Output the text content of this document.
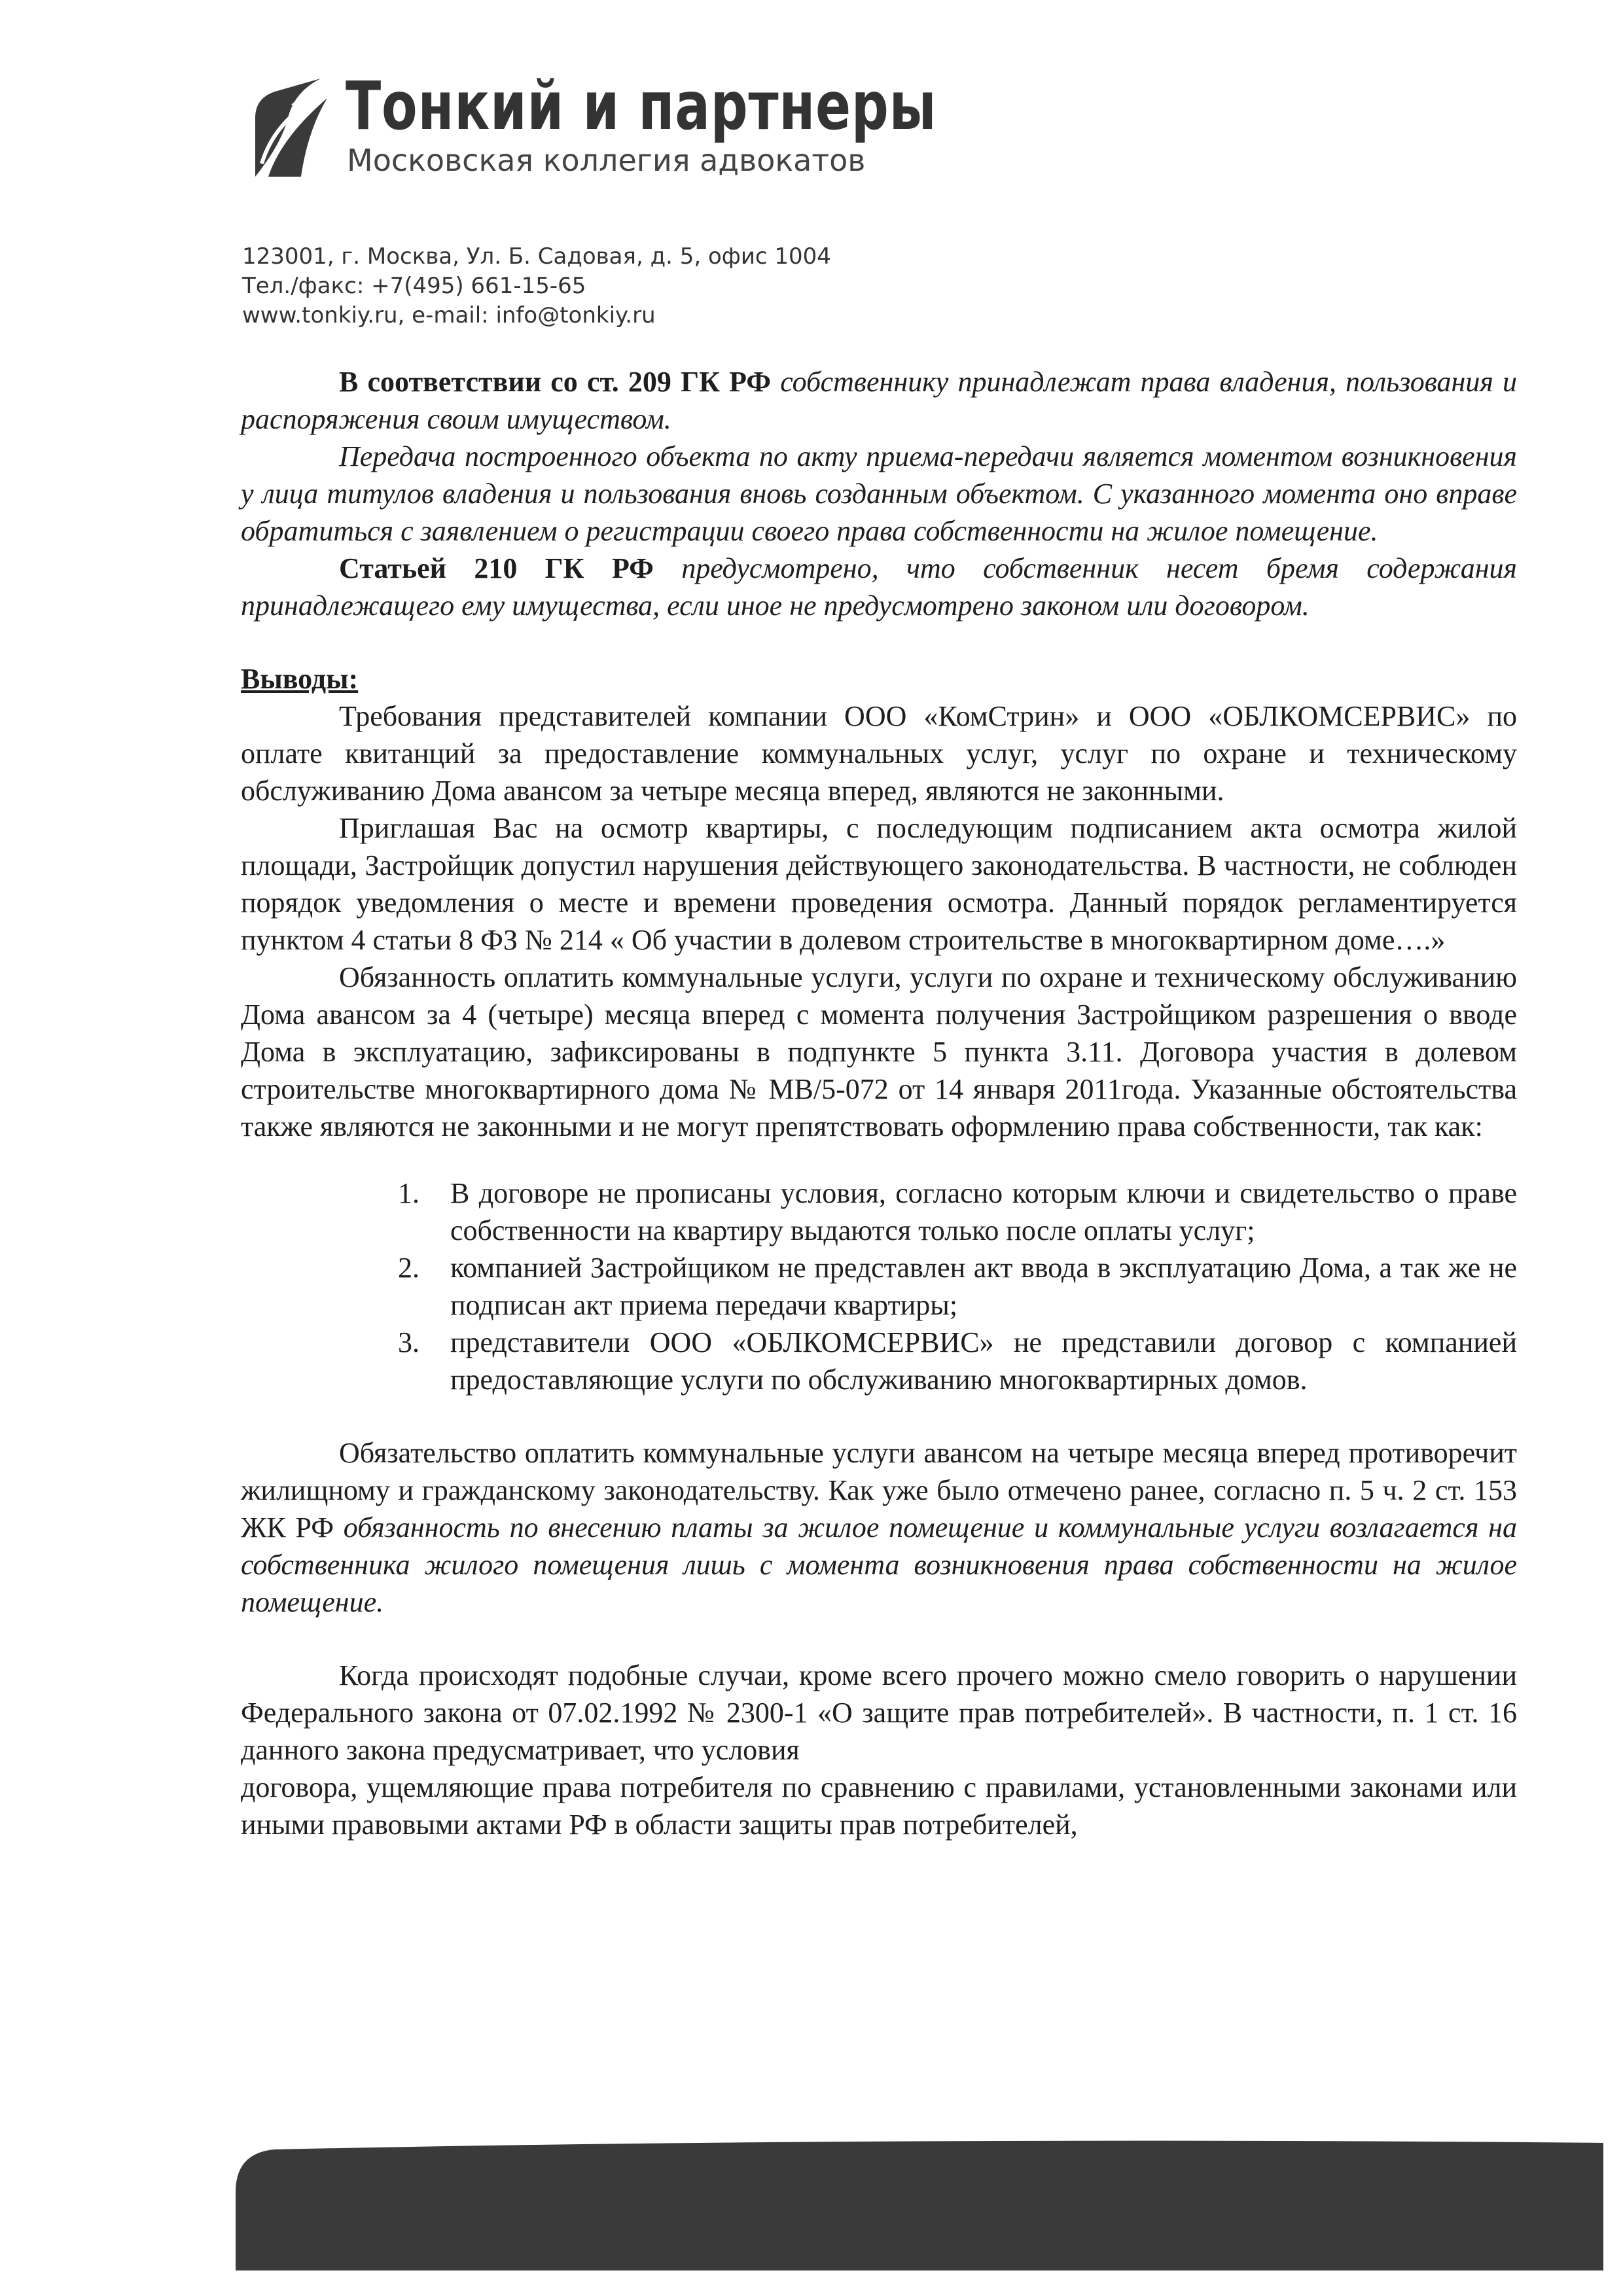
Тонкий и партнеры
Московская коллегия адвокатов
123001, г. Москва, Ул. Б. Садовая, д. 5, офис 1004
Тел./факс: +7(495) 661-15-65
www.tonkiy.ru, e-mail: info@tonkiy.ru

В соответствии со ст. 209 ГК РФ собственнику принадлежат права владения, пользования и распоряжения своим имуществом.

Передача построенного объекта по акту приема-передачи является моментом возникновения у лица титулов владения и пользования вновь созданным объектом. С указанного момента оно вправе обратиться с заявлением о регистрации своего права собственности на жилое помещение.

Статьей 210 ГК РФ предусмотрено, что собственник несет бремя содержания принадлежащего ему имущества, если иное не предусмотрено законом или договором.

Выводы:

Требования представителей компании ООО «КомСтрин» и ООО «ОБЛКОМСЕРВИС» по оплате квитанций за предоставление коммунальных услуг, услуг по охране и техническому обслуживанию Дома авансом за четыре месяца вперед, являются не законными.

Приглашая Вас на осмотр квартиры, с последующим подписанием акта осмотра жилой площади, Застройщик допустил нарушения действующего законодательства. В частности, не соблюден порядок уведомления о месте и времени проведения осмотра. Данный порядок регламентируется пунктом 4 статьи 8 ФЗ № 214 « Об участии в долевом строительстве в многоквартирном доме….»

Обязанность оплатить коммунальные услуги, услуги по охране и техническому обслуживанию Дома авансом за 4 (четыре) месяца вперед с момента получения Застройщиком разрешения о вводе Дома в эксплуатацию, зафиксированы в подпункте 5 пункта 3.11. Договора участия в долевом строительстве многоквартирного дома № МВ/5-072 от 14 января 2011года. Указанные обстоятельства также являются не законными и не могут препятствовать оформлению права собственности, так как:

1. В договоре не прописаны условия, согласно которым ключи и свидетельство о праве собственности на квартиру выдаются только после оплаты услуг;
2. компанией Застройщиком не представлен акт ввода в эксплуатацию Дома, а так же не подписан акт приема передачи квартиры;
3. представители ООО «ОБЛКОМСЕРВИС» не представили договор с компанией предоставляющие услуги по обслуживанию многоквартирных домов.

Обязательство оплатить коммунальные услуги авансом на четыре месяца вперед противоречит жилищному и гражданскому законодательству. Как уже было отмечено ранее, согласно п. 5 ч. 2 ст. 153 ЖК РФ обязанность по внесению платы за жилое помещение и коммунальные услуги возлагается на собственника жилого помещения лишь с момента возникновения права собственности на жилое помещение.

Когда происходят подобные случаи, кроме всего прочего можно смело говорить о нарушении Федерального закона от 07.02.1992 № 2300-1 «О защите прав потребителей». В частности, п. 1 ст. 16 данного закона предусматривает, что условия

договора, ущемляющие права потребителя по сравнению с правилами, установленными законами или иными правовыми актами РФ в области защиты прав потребителей,
